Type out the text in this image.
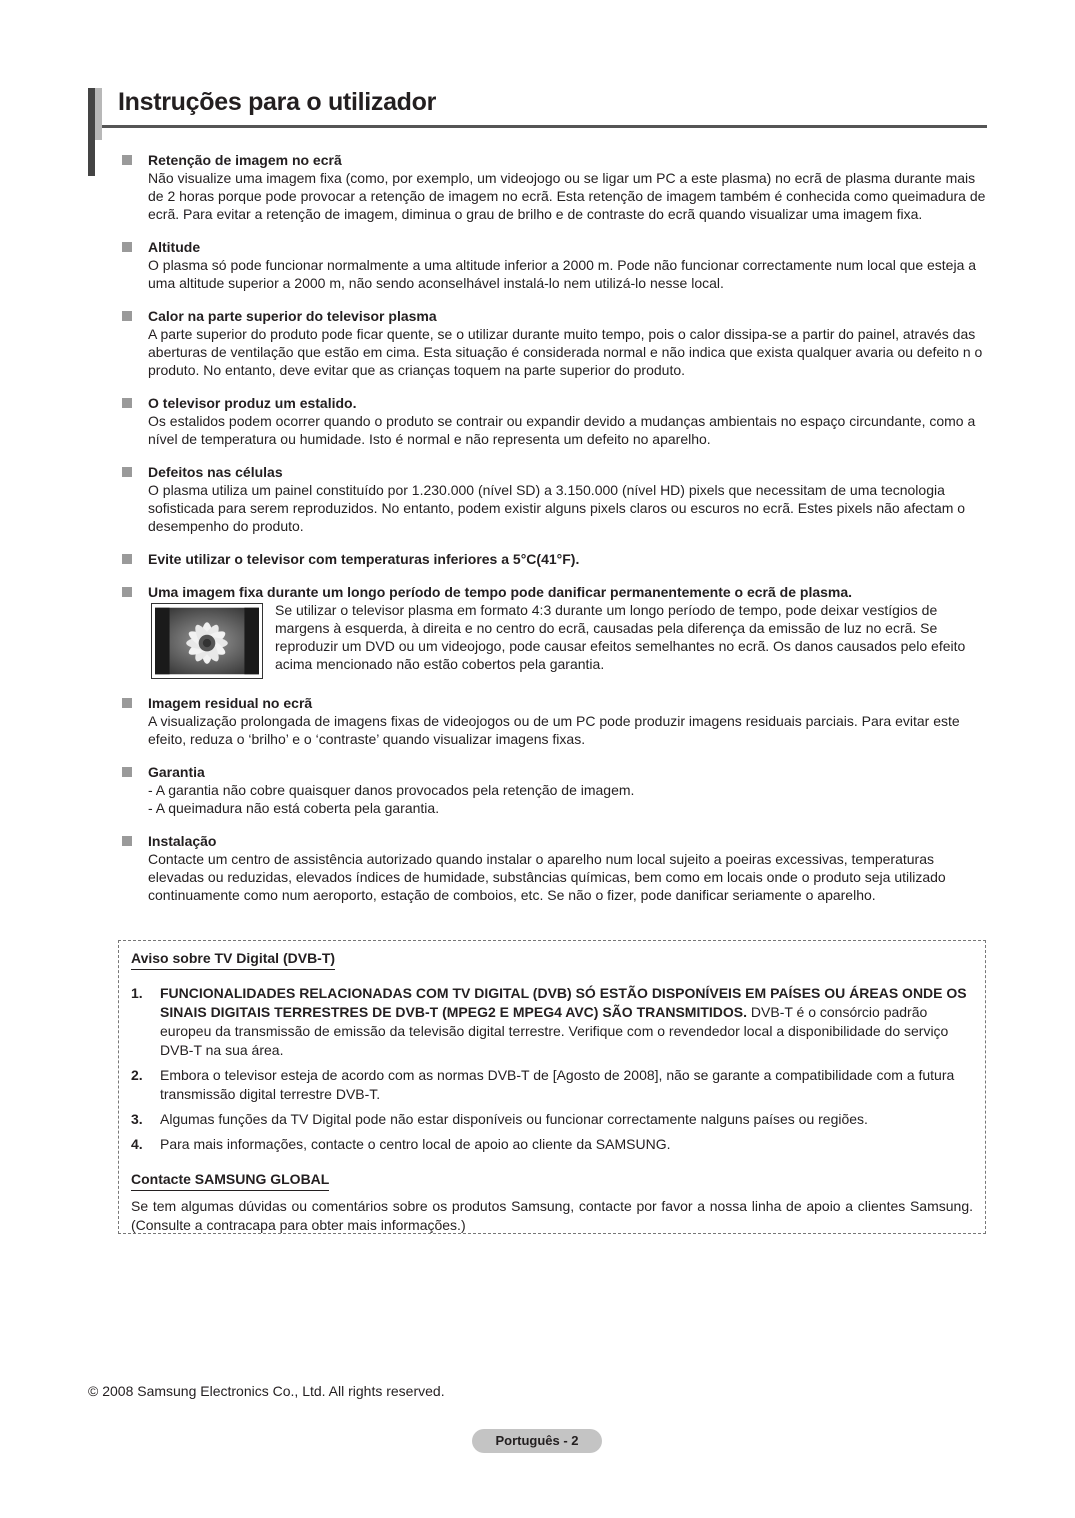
Instruções para o utilizador
Retenção de imagem no ecrã
Não visualize uma imagem fixa (como, por exemplo, um videojogo ou se ligar um PC a este plasma) no ecrã de plasma durante mais de 2 horas porque pode provocar a retenção de imagem no ecrã. Esta retenção de imagem também é conhecida como queimadura de ecrã. Para evitar a retenção de imagem, diminua o grau de brilho e de contraste do ecrã quando visualizar uma imagem fixa.
Altitude
O plasma só pode funcionar normalmente a uma altitude inferior a 2000 m. Pode não funcionar correctamente num local que esteja a uma altitude superior a 2000 m, não sendo aconselhável instalá-lo nem utilizá-lo nesse local.
Calor na parte superior do televisor plasma
A parte superior do produto pode ficar quente, se o utilizar durante muito tempo, pois o calor dissipa-se a partir do painel, através das aberturas de ventilação que estão em cima. Esta situação é considerada normal e não indica que exista qualquer avaria ou defeito n o produto. No entanto, deve evitar que as crianças toquem na parte superior do produto.
O televisor produz um estalido.
Os estalidos podem ocorrer quando o produto se contrair ou expandir devido a mudanças ambientais no espaço circundante, como a nível de temperatura ou humidade. Isto é normal e não representa um defeito no aparelho.
Defeitos nas células
O plasma utiliza um painel constituído por 1.230.000 (nível SD) a 3.150.000 (nível HD) pixels que necessitam de uma tecnologia sofisticada para serem reproduzidos. No entanto, podem existir alguns pixels claros ou escuros no ecrã. Estes pixels não afectam o desempenho do produto.
Evite utilizar o televisor com temperaturas inferiores a 5°C(41°F).
Uma imagem fixa durante um longo período de tempo pode danificar permanentemente o ecrã de plasma.
Se utilizar o televisor plasma em formato 4:3 durante um longo período de tempo, pode deixar vestígios de margens à esquerda, à direita e no centro do ecrã, causadas pela diferença da emissão de luz no ecrã. Se reproduzir um DVD ou um videojogo, pode causar efeitos semelhantes no ecrã. Os danos causados pelo efeito acima mencionado não estão cobertos pela garantia.
Imagem residual no ecrã
A visualização prolongada de imagens fixas de videojogos ou de um PC pode produzir imagens residuais parciais. Para evitar este efeito, reduza o ‘brilho’ e o ‘contraste’ quando visualizar imagens fixas.
Garantia
- A garantia não cobre quaisquer danos provocados pela retenção de imagem.
- A queimadura não está coberta pela garantia.
Instalação
Contacte um centro de assistência autorizado quando instalar o aparelho num local sujeito a poeiras excessivas, temperaturas elevadas ou reduzidas, elevados índices de humidade, substâncias químicas, bem como em locais onde o produto seja utilizado continuamente como num aeroporto, estação de comboios, etc. Se não o fizer, pode danificar seriamente o aparelho.
Aviso sobre TV Digital (DVB-T)
1. FUNCIONALIDADES RELACIONADAS COM TV DIGITAL (DVB) SÓ ESTÃO DISPONÍVEIS EM PAÍSES OU ÁREAS ONDE OS SINAIS DIGITAIS TERRESTRES DE DVB-T (MPEG2 E MPEG4 AVC) SÃO TRANSMITIDOS. DVB-T é o consórcio padrão europeu da transmissão de emissão da televisão digital terrestre. Verifique com o revendedor local a disponibilidade do serviço DVB-T na sua área.
2. Embora o televisor esteja de acordo com as normas DVB-T de [Agosto de 2008], não se garante a compatibilidade com a futura transmissão digital terrestre DVB-T.
3. Algumas funções da TV Digital pode não estar disponíveis ou funcionar correctamente nalguns países ou regiões.
4. Para mais informações, contacte o centro local de apoio ao cliente da SAMSUNG.
Contacte SAMSUNG GLOBAL
Se tem algumas dúvidas ou comentários sobre os produtos Samsung, contacte por favor a nossa linha de apoio a clientes Samsung. (Consulte a contracapa para obter mais informações.)
© 2008 Samsung Electronics Co., Ltd. All rights reserved.
Português - 2
